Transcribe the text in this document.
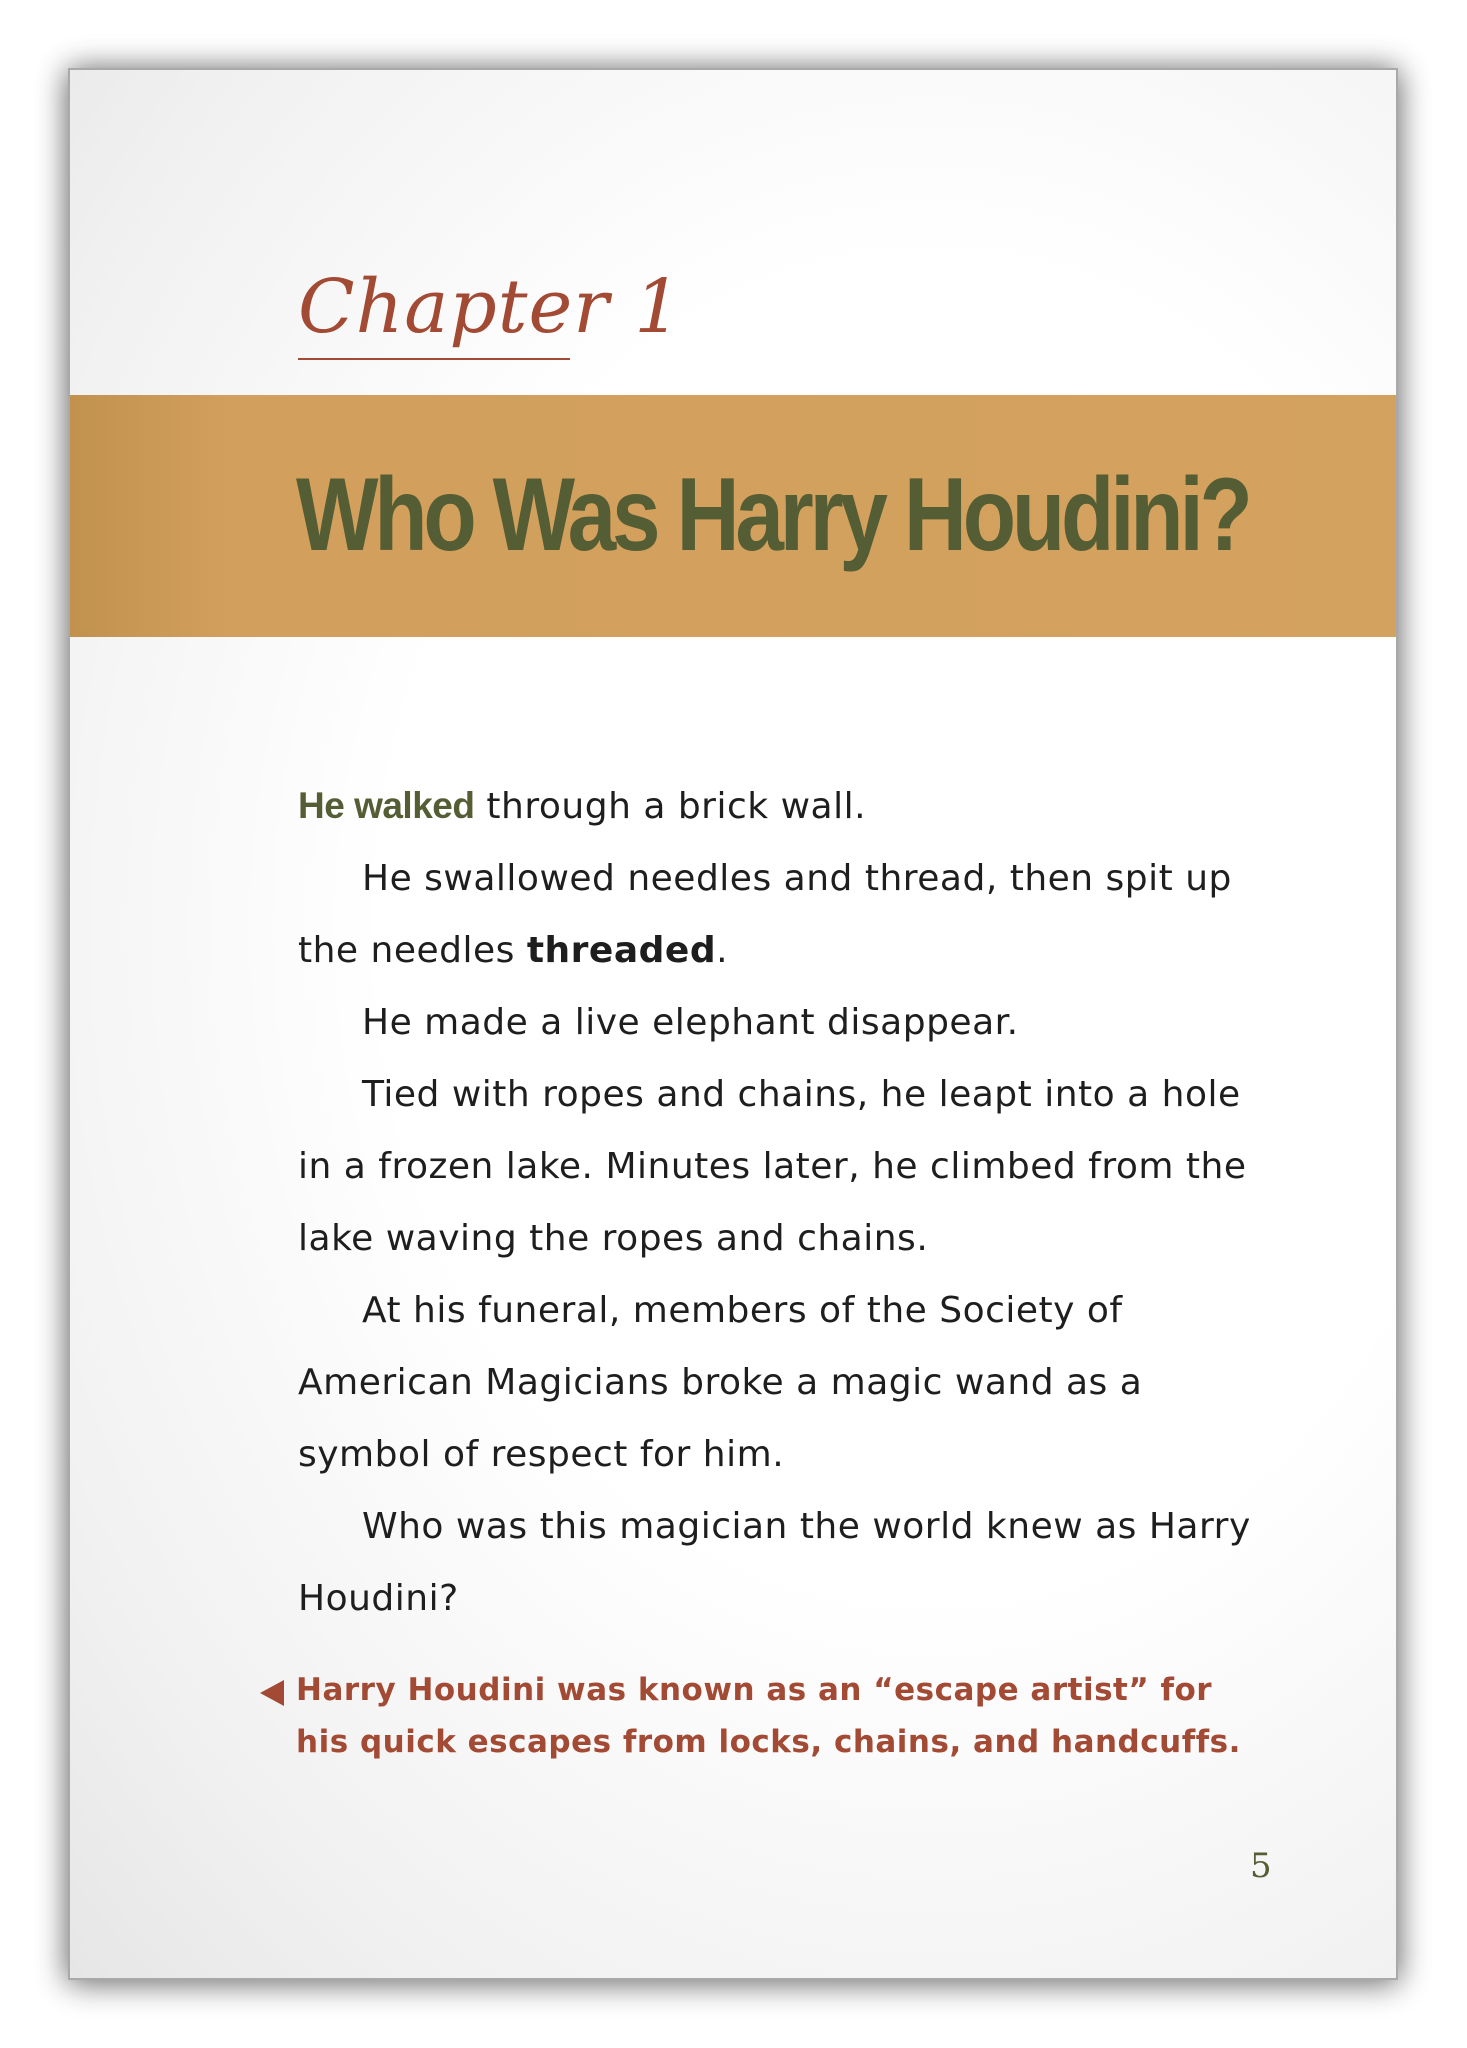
Chapter 1
Who Was Harry Houdini?

He walked through a brick wall.

He swallowed needles and thread, then spit up the needles threaded.

He made a live elephant disappear.

Tied with ropes and chains, he leapt into a hole in a frozen lake. Minutes later, he climbed from the lake waving the ropes and chains.

At his funeral, members of the Society of American Magicians broke a magic wand as a symbol of respect for him.

Who was this magician the world knew as Harry Houdini?

Harry Houdini was known as an “escape artist” for his quick escapes from locks, chains, and handcuffs.
5
